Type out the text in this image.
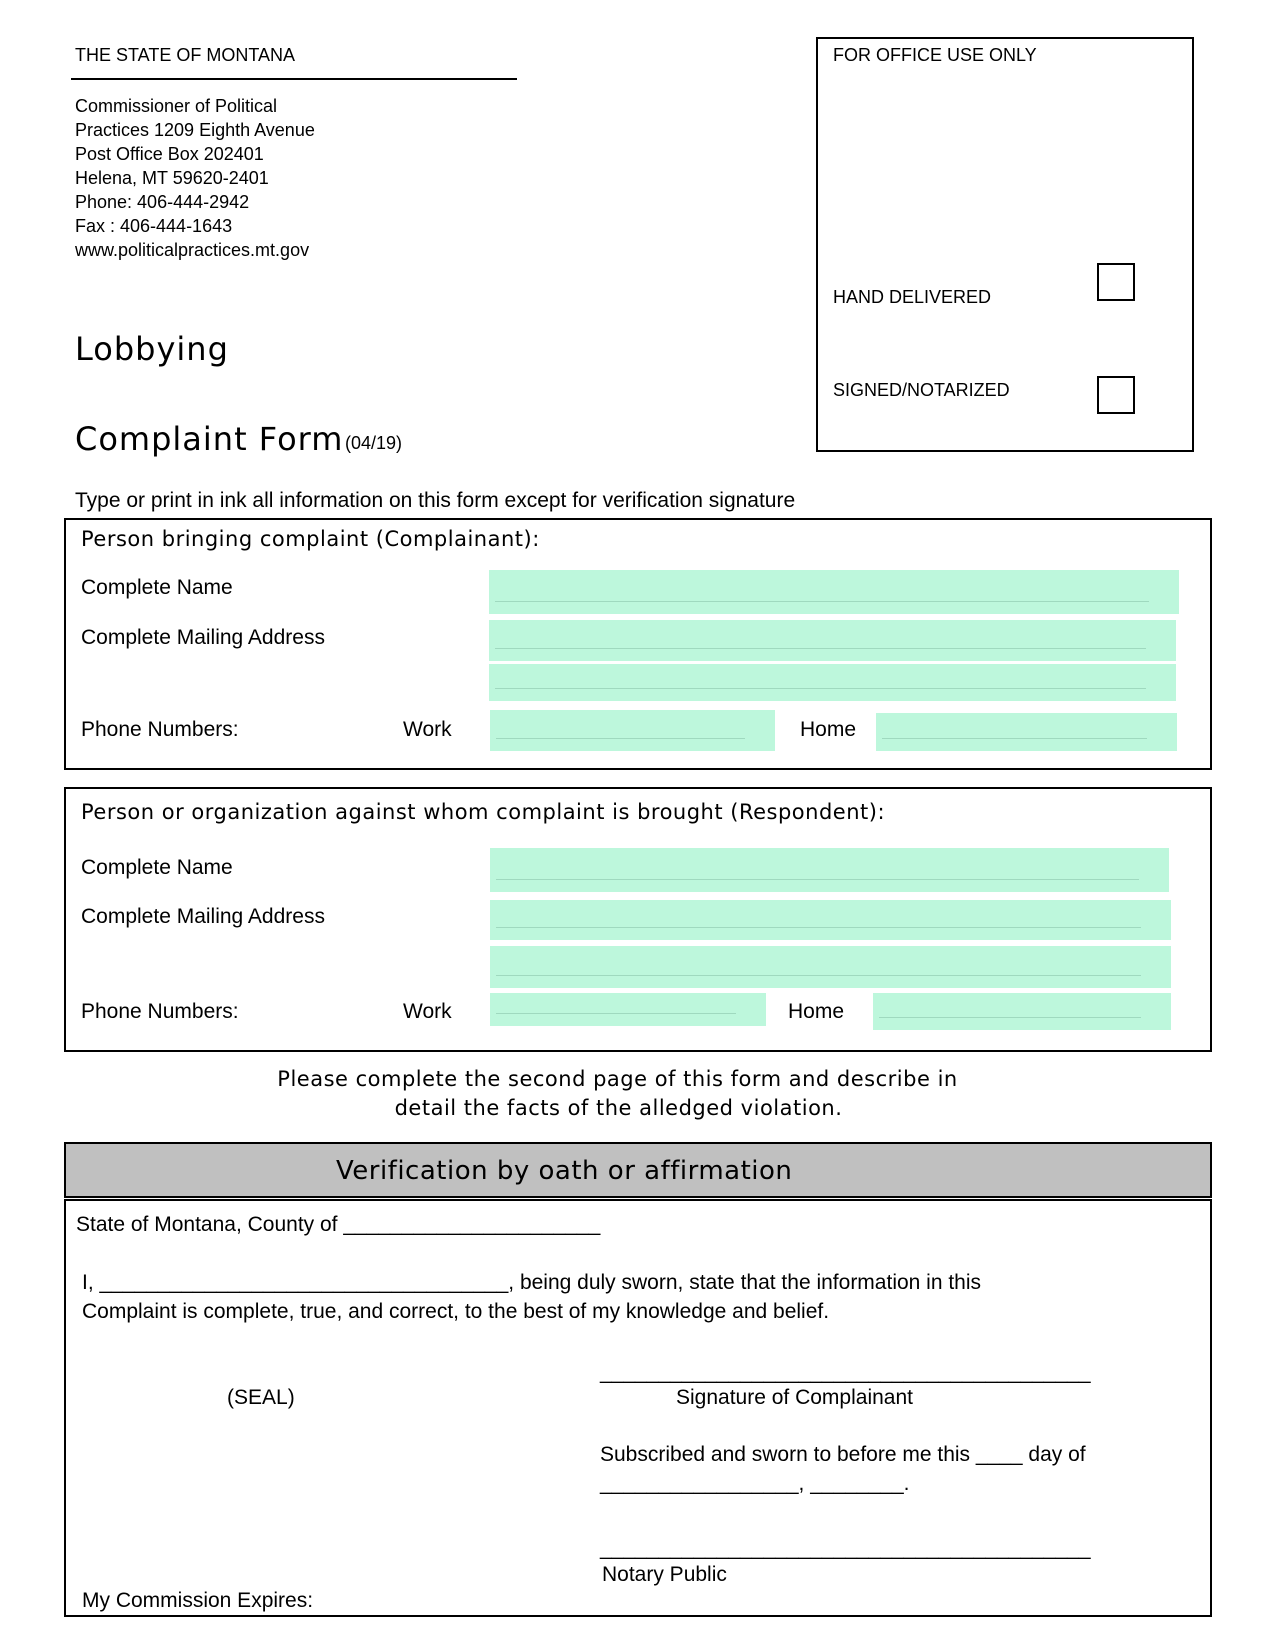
THE STATE OF MONTANA
Commissioner of Political
Practices 1209 Eighth Avenue
Post Office Box 202401
Helena, MT 59620-2401
Phone: 406-444-2942
Fax : 406-444-1643
www.politicalpractices.mt.gov
Lobbying
Complaint Form (04/19)
FOR OFFICE USE ONLY
HAND DELIVERED
SIGNED/NOTARIZED
Type or print in ink all information on this form except for verification signature
Person bringing complaint (Complainant):
Complete Name
Complete Mailing Address
Phone Numbers:	Work	Home
Person or organization against whom complaint is brought (Respondent):
Complete Name
Complete Mailing Address
Phone Numbers:	Work	Home
Please complete the second page of this form and describe in
detail the facts of the alledged violation.
Verification by oath or affirmation
State of Montana, County of ______________________
I, ___________________________________, being duly sworn, state that the information in this
Complaint is complete, true, and correct, to the best of my knowledge and belief.
(SEAL)
__________________________________________
Signature of Complainant
Subscribed and sworn to before me this ____ day of
_________________, ________.
__________________________________________
Notary Public
My Commission Expires:
